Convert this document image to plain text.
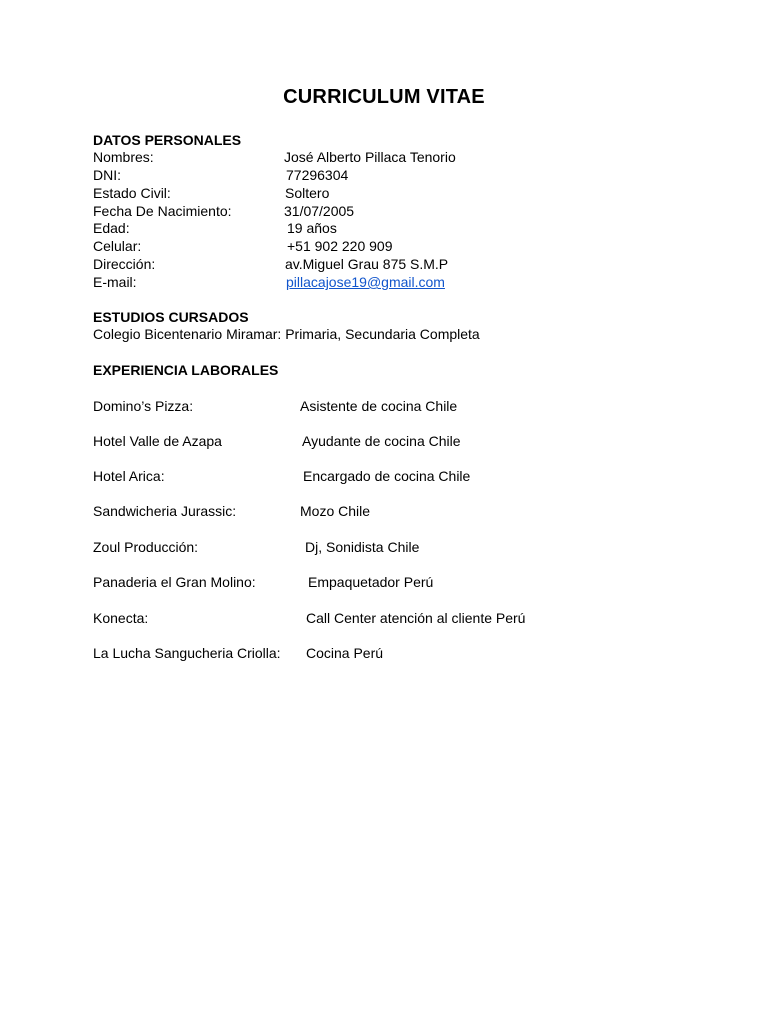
CURRICULUM VITAE
DATOS PERSONALES
Nombres:	José Alberto Pillaca Tenorio
DNI:	77296304
Estado Civil:	Soltero
Fecha De Nacimiento:	31/07/2005
Edad:	19 años
Celular:	+51 902 220 909
Dirección:	av.Miguel Grau 875 S.M.P
E-mail:	pillacajose19@gmail.com
ESTUDIOS CURSADOS
Colegio Bicentenario Miramar: Primaria, Secundaria Completa
EXPERIENCIA LABORALES
Domino’s Pizza:	Asistente de cocina Chile
Hotel Valle de Azapa	Ayudante de cocina Chile
Hotel Arica:	Encargado de cocina Chile
Sandwicheria Jurassic:	Mozo Chile
Zoul Producción:	Dj, Sonidista Chile
Panaderia el Gran Molino:	Empaquetador Perú
Konecta:	Call Center atención al cliente Perú
La Lucha Sangucheria Criolla: Cocina Perú
